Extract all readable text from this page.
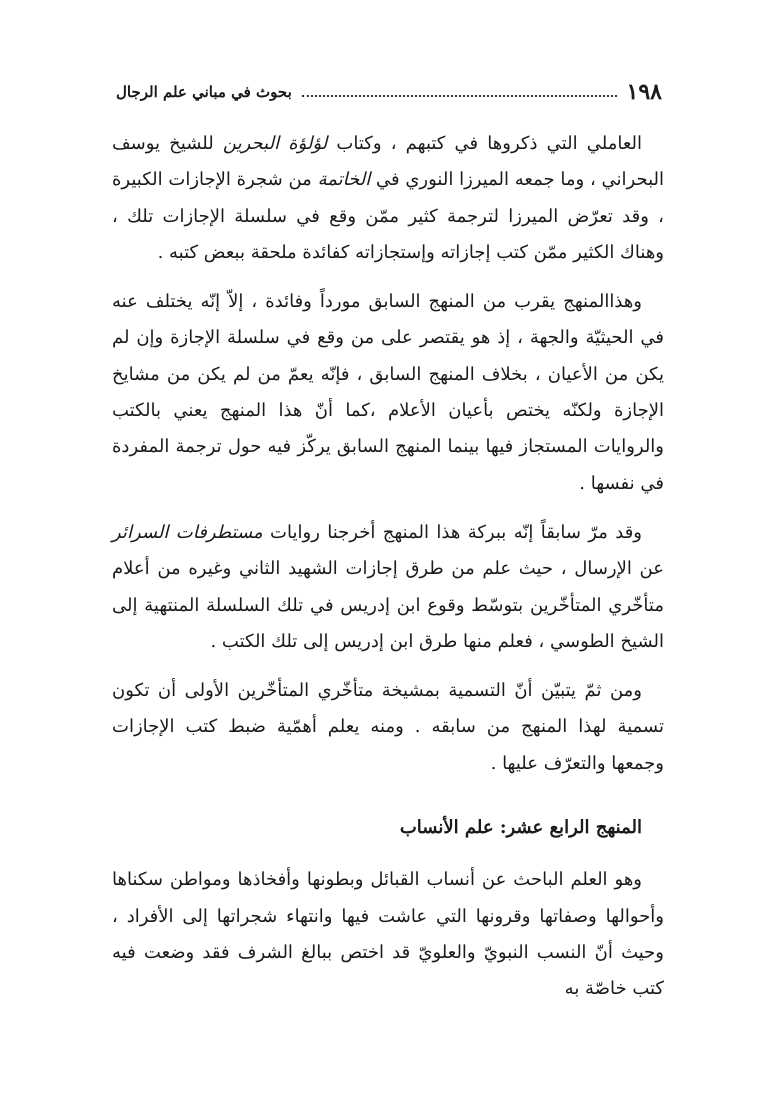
١٩٨
بحوث في مباني علم الرجال

العاملي التي ذكروها في كتبهم ، وكتاب لؤلؤة البحرين للشيخ يوسف البحراني ، وما جمعه الميرزا النوري في الخاتمة من شجرة الإجازات الكبيرة ، وقد تعرّض الميرزا لترجمة كثير ممّن وقع في سلسلة الإجازات تلك ، وهناك الكثير ممّن كتب إجازاته وإستجازاته كفائدة ملحقة ببعض كتبه .

وهذاالمنهج يقرب من المنهج السابق مورداً وفائدة ، إلاّ إنّه يختلف عنه في الحيثيّة والجهة ، إذ هو يقتصر على من وقع في سلسلة الإجازة وإن لم يكن من الأعيان ، بخلاف المنهج السابق ، فإنّه يعمّ من لم يكن من مشايخ الإجازة ولكنّه يختص بأعيان الأعلام ،كما أنّ هذا المنهج يعني بالكتب والروايات المستجاز فيها بينما المنهج السابق يركّز فيه حول ترجمة المفردة في نفسها .

وقد مرّ سابقاً إنّه ببركة هذا المنهج أخرجنا روايات مستطرفات السرائر عن الإرسال ، حيث علم من طرق إجازات الشهيد الثاني وغيره من أعلام متأخّري المتأخّرين بتوسّط وقوع ابن إدريس في تلك السلسلة المنتهية إلى الشيخ الطوسي ، فعلم منها طرق ابن إدريس إلى تلك الكتب .

ومن ثمّ يتبيّن أنّ التسمية بمشيخة متأخّري المتأخّرين الأولى أن تكون تسمية لهذا المنهج من سابقه . ومنه يعلم أهمّية ضبط كتب الإجازات وجمعها والتعرّف عليها .

المنهج الرابع عشر: علم الأنساب

وهو العلم الباحث عن أنساب القبائل وبطونها وأفخاذها ومواطن سكناها وأحوالها وصفاتها وقرونها التي عاشت فيها وانتهاء شجراتها إلى الأفراد ، وحيث أنّ النسب النبويّ والعلويّ قد اختص ببالغ الشرف فقد وضعت فيه كتب خاصّة به
